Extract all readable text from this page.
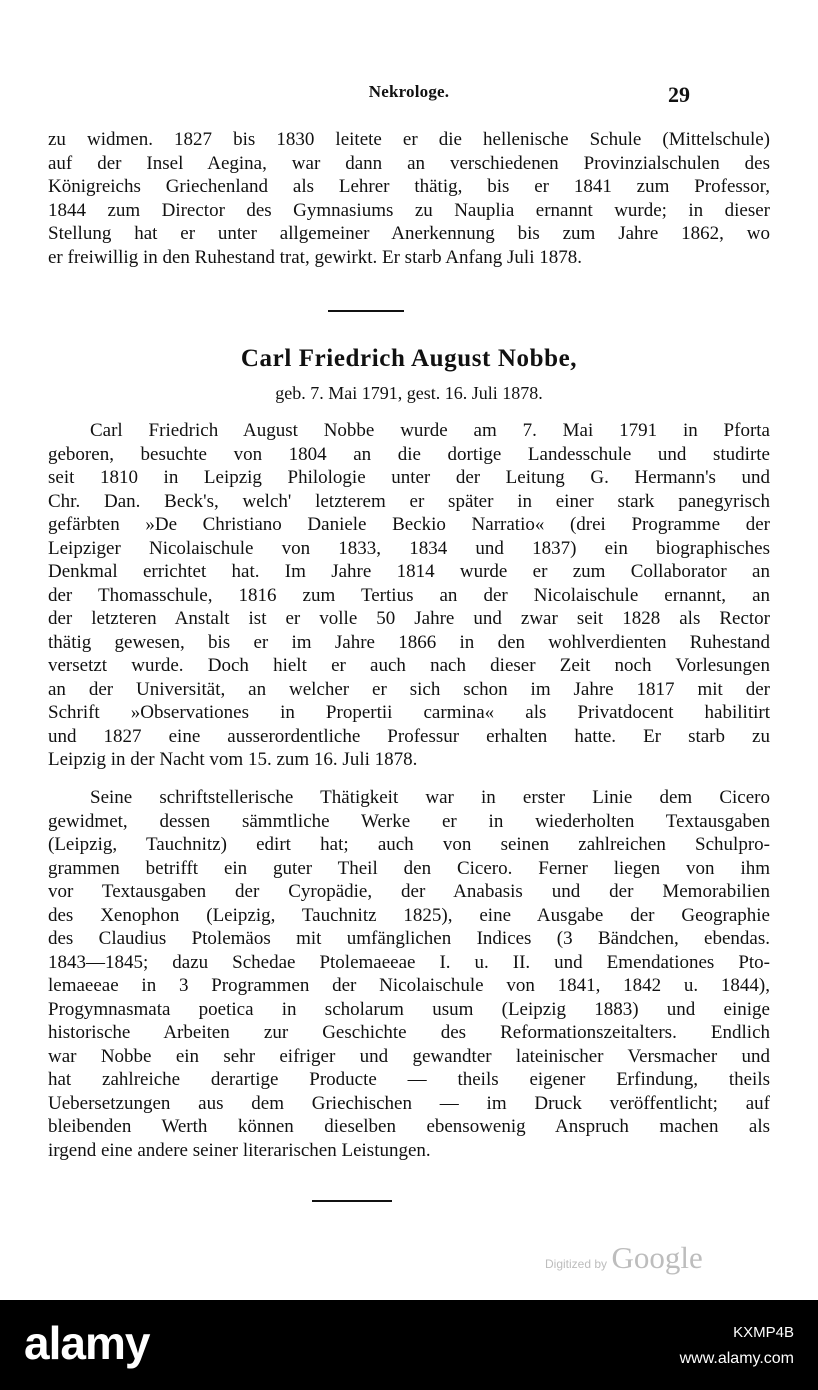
Nekrologe.	29
zu widmen. 1827 bis 1830 leitete er die hellenische Schule (Mittelschule)
auf der Insel Aegina, war dann an verschiedenen Provinzialschulen des
Königreichs Griechenland als Lehrer thätig, bis er 1841 zum Professor,
1844 zum Director des Gymnasiums zu Nauplia ernannt wurde; in dieser
Stellung hat er unter allgemeiner Anerkennung bis zum Jahre 1862, wo
er freiwillig in den Ruhestand trat, gewirkt. Er starb Anfang Juli 1878.
Carl Friedrich August Nobbe,
geb. 7. Mai 1791, gest. 16. Juli 1878.
Carl Friedrich August Nobbe wurde am 7. Mai 1791 in Pforta
geboren, besuchte von 1804 an die dortige Landesschule und studirte
seit 1810 in Leipzig Philologie unter der Leitung G. Hermann's und
Chr. Dan. Beck's, welch' letzterem er später in einer stark panegyrisch
gefärbten »De Christiano Daniele Beckio Narratio« (drei Programme der
Leipziger Nicolaischule von 1833, 1834 und 1837) ein biographisches
Denkmal errichtet hat. Im Jahre 1814 wurde er zum Collaborator an
der Thomasschule, 1816 zum Tertius an der Nicolaischule ernannt, an
der letzteren Anstalt ist er volle 50 Jahre und zwar seit 1828 als Rector
thätig gewesen, bis er im Jahre 1866 in den wohlverdienten Ruhestand
versetzt wurde. Doch hielt er auch nach dieser Zeit noch Vorlesungen
an der Universität, an welcher er sich schon im Jahre 1817 mit der
Schrift »Observationes in Propertii carmina« als Privatdocent habilitirt
und 1827 eine ausserordentliche Professur erhalten hatte. Er starb zu
Leipzig in der Nacht vom 15. zum 16. Juli 1878.
Seine schriftstellerische Thätigkeit war in erster Linie dem Cicero
gewidmet, dessen sämmtliche Werke er in wiederholten Textausgaben
(Leipzig, Tauchnitz) edirt hat; auch von seinen zahlreichen Schulpro-
grammen betrifft ein guter Theil den Cicero. Ferner liegen von ihm
vor Textausgaben der Cyropädie, der Anabasis und der Memorabilien
des Xenophon (Leipzig, Tauchnitz 1825), eine Ausgabe der Geographie
des Claudius Ptolemäos mit umfänglichen Indices (3 Bändchen, ebendas.
1843—1845; dazu Schedae Ptolemaeeae I. u. II. und Emendationes Pto-
lemaeeae in 3 Programmen der Nicolaischule von 1841, 1842 u. 1844),
Progymnasmata poetica in scholarum usum (Leipzig 1883) und einige
historische Arbeiten zur Geschichte des Reformationszeitalters. Endlich
war Nobbe ein sehr eifriger und gewandter lateinischer Versmacher und
hat zahlreiche derartige Producte — theils eigener Erfindung, theils
Uebersetzungen aus dem Griechischen — im Druck veröffentlicht; auf
bleibenden Werth können dieselben ebensowenig Anspruch machen als
irgend eine andere seiner literarischen Leistungen.
Digitized by Google
alamy	KXMP4B
www.alamy.com
